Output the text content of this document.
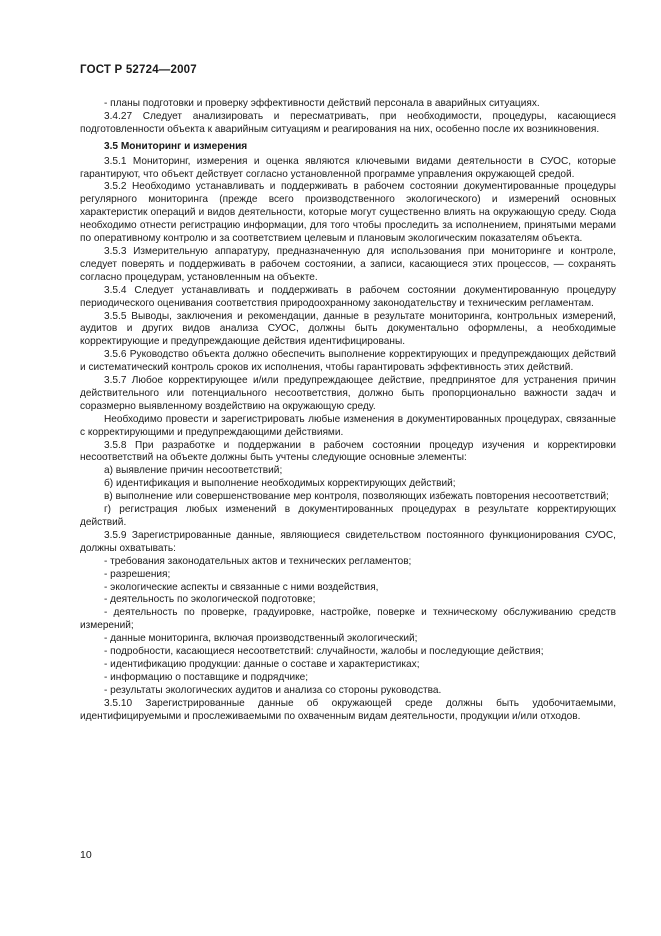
ГОСТ Р 52724—2007

- планы подготовки и проверку эффективности действий персонала в аварийных ситуациях.

3.4.27 Следует анализировать и пересматривать, при необходимости, процедуры, касающиеся подготовленности объекта к аварийным ситуациям и реагирования на них, особенно после их возникновения.

3.5 Мониторинг и измерения

3.5.1 Мониторинг, измерения и оценка являются ключевыми видами деятельности в СУОС, которые гарантируют, что объект действует согласно установленной программе управления окружающей средой.

3.5.2 Необходимо устанавливать и поддерживать в рабочем состоянии документированные процедуры регулярного мониторинга (прежде всего производственного экологического) и измерений основных характеристик операций и видов деятельности, которые могут существенно влиять на окружающую среду. Сюда необходимо отнести регистрацию информации, для того чтобы проследить за исполнением, принятыми мерами по оперативному контролю и за соответствием целевым и плановым экологическим показателям объекта.

3.5.3 Измерительную аппаратуру, предназначенную для использования при мониторинге и контроле, следует поверять и поддерживать в рабочем состоянии, а записи, касающиеся этих процессов, — сохранять согласно процедурам, установленным на объекте.

3.5.4 Следует устанавливать и поддерживать в рабочем состоянии документированную процедуру периодического оценивания соответствия природоохранному законодательству и техническим регламентам.

3.5.5 Выводы, заключения и рекомендации, данные в результате мониторинга, контрольных измерений, аудитов и других видов анализа СУОС, должны быть документально оформлены, а необходимые корректирующие и предупреждающие действия идентифицированы.

3.5.6 Руководство объекта должно обеспечить выполнение корректирующих и предупреждающих действий и систематический контроль сроков их исполнения, чтобы гарантировать эффективность этих действий.

3.5.7 Любое корректирующее и/или предупреждающее действие, предпринятое для устранения причин действительного или потенциального несоответствия, должно быть пропорционально важности задач и соразмерно выявленному воздействию на окружающую среду.

Необходимо провести и зарегистрировать любые изменения в документированных процедурах, связанные с корректирующими и предупреждающими действиями.

3.5.8 При разработке и поддержании в рабочем состоянии процедур изучения и корректировки несоответствий на объекте должны быть учтены следующие основные элементы:

а) выявление причин несоответствий;

б) идентификация и выполнение необходимых корректирующих действий;

в) выполнение или совершенствование мер контроля, позволяющих избежать повторения несоответствий;

г) регистрация любых изменений в документированных процедурах в результате корректирующих действий.

3.5.9 Зарегистрированные данные, являющиеся свидетельством постоянного функционирования СУОС, должны охватывать:

- требования законодательных актов и технических регламентов;

- разрешения;

- экологические аспекты и связанные с ними воздействия,

- деятельность по экологической подготовке;

- деятельность по проверке, градуировке, настройке, поверке и техническому обслуживанию средств измерений;

- данные мониторинга, включая производственный экологический;

- подробности, касающиеся несоответствий: случайности, жалобы и последующие действия;

- идентификацию продукции: данные о составе и характеристиках;

- информацию о поставщике и подрядчике;

- результаты экологических аудитов и анализа со стороны руководства.

3.5.10 Зарегистрированные данные об окружающей среде должны быть удобочитаемыми, идентифицируемыми и прослеживаемыми по охваченным видам деятельности, продукции и/или отходов.

10
